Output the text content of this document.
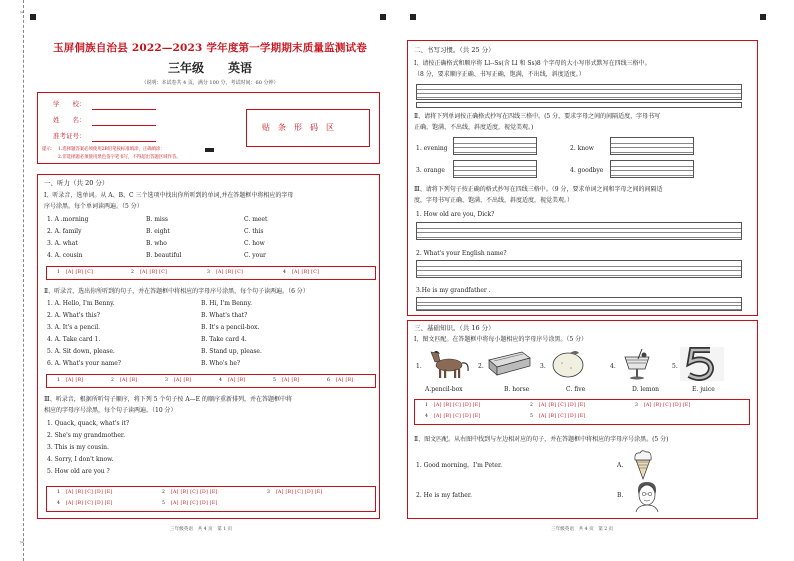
✂
✂
玉屏侗族自治县 2022—2023 学年度第一学期期末质量监测试卷
三年级　　英语
（说明：本试卷共 4 页，满分 100 分，考试时间：60 分钟）
学　　校：
姓　　名：
准考证号：
贴　条　形　码　区
提示： 1.选择题答案必须使用2B铅笔按标准填涂，正确填涂：
2.非选择题必须使用黑色签字笔书写，不得超出答题区域作答。
一、听力（共 20 分）
Ⅰ、听录音，选单词。从 A、B、C 三个选项中找出你所听到的单词,并在答题框中将相应的字母
序号涂黑。每个单词读两遍。（5 分）
1. A .morning	B. miss	C. meet
2. A. family	B. eight	C. this
3. A. what	B. who	C. how
4. A. cousin	B. beautiful	C. your
1 [A] [B] [C]	2 [A] [B] [C]	3 [A] [B] [C]	4 [A] [B] [C]
Ⅱ、听录音，选出你所听到的句子，并在答题框中将相应的字母序号涂黑，每个句子读两遍。（6 分）
1. A. Hello, I'm Benny.	B. Hi, I'm Benny.
2. A. What's this?	B. What's that?
3. A. It's a pencil.	B. It's a pencil-box.
4. A. Take card 1.	B. Take card 4.
5. A. Sit down, please.	B. Stand up, please.
6. A. What's your name?	B. Who's he?
1 [A] [B]	2 [A] [B]	3 [A] [B]	4 [A] [B]	5 [A] [B]	6 [A] [B]
Ⅲ、听录音，根据所听句子顺序，将下列 5 个句子按 A—E 的顺序重新排列，并在答题框中将
相应的字母序号涂黑，每个句子读两遍。（10 分）
1. Quack, quack, what's it?
2. She's my grandmother.
3. This is my cousin.
4. Sorry, I don't know.
5. How old are you ?
1 [A] [B] [C] [D] [E]	2 [A] [B] [C] [D] [E]	3 [A] [B] [C] [D] [E]
4 [A] [B] [C] [D] [E]	5 [A] [B] [C] [D] [E]
三年级英语　共 4 页　第 1 页
二、书写习惯。（共 25 分）
Ⅰ、请按正确格式和顺序将 Ll--Ss(含 Ll 和 Ss)8 个字母的大小写形式默写在四线三格中。
（8 分，要求顺序正确、书写正确，饱满，不出线，斜度适度。）
Ⅱ、请将下列单词按正确格式抄写在四线三格中。(5 分，要求字母之间的间隔适度，字母书写
正确、饱满、不出线，斜度适度，视觉美观。)
1. evening	2. know
3. orange	4. goodbye
Ⅲ、请将下列句子按正确的格式抄写在四线三格中。（9 分，要求单词之间和字母之间的间隔适
度，字母书写正确、饱满、不出线，斜度适度，视觉美观。）
1. How old are you, Dick?
2. What's your English name?
3.He is my grandfather .
三、基础知识。（共 16 分）
Ⅰ、图文匹配。在答题框中将每小题相应的字母序号涂黑。（5 分）
1.	2.	3.	4.	5.
A.pencil-box	B. horse	C. five	D. lemon	E. juice
1 [A] [B] [C] [D] [E]	2 [A] [B] [C] [D] [E]	3 [A] [B] [C] [D] [E]
4 [A] [B] [C] [D] [E]	5 [A] [B] [C] [D] [E]
Ⅱ、图文匹配。从右图中找到与左边相对应的句子，并在答题框中将相应的字母序号涂黑。(5 分)
1. Good morning，I'm Peter.	A.
2. He is my father.	B.
三年级英语　共 4 页　第 2 页
